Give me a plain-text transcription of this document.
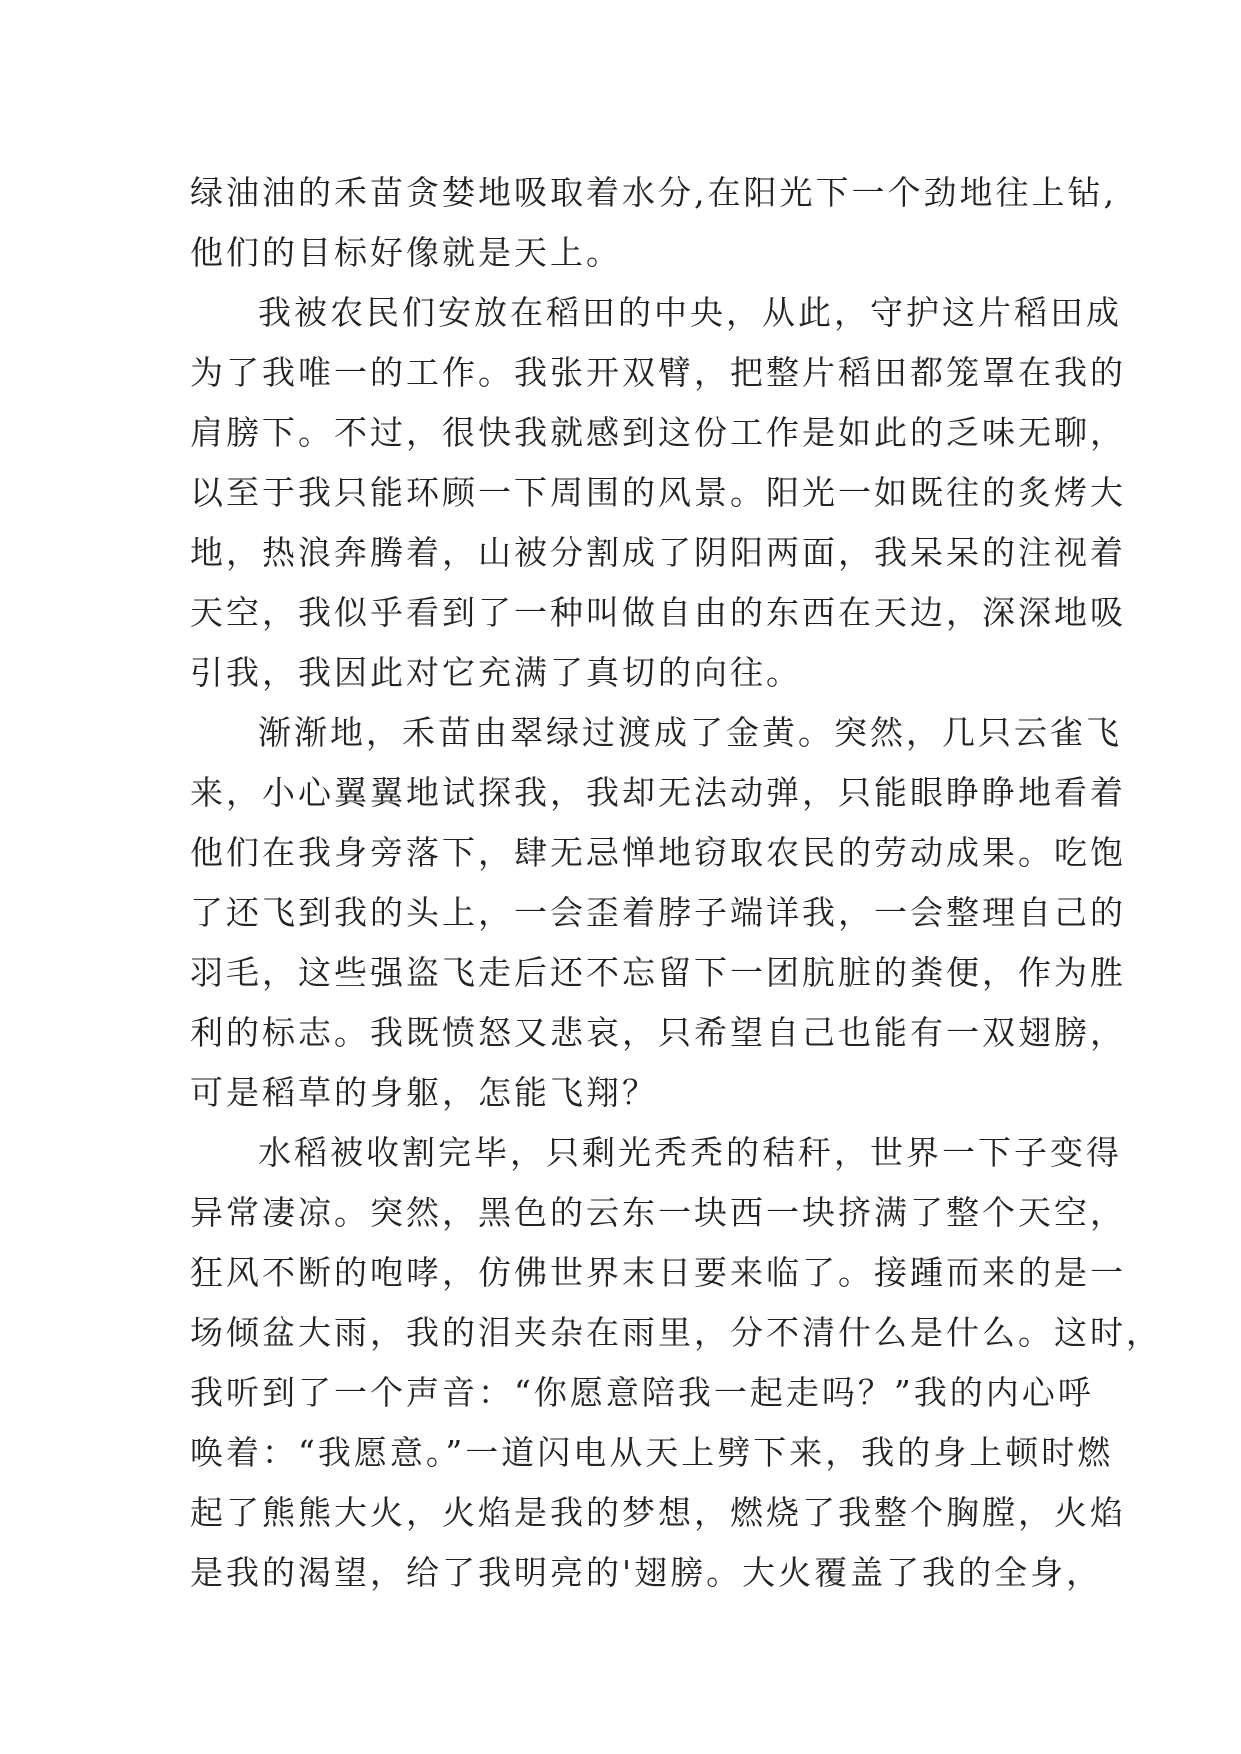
绿油油的禾苗贪婪地吸取着水分,在阳光下一个劲地往上钻,
他们的目标好像就是天上。
我被农民们安放在稻田的中央，从此，守护这片稻田成
为了我唯一的工作。我张开双臂，把整片稻田都笼罩在我的
肩膀下。不过，很快我就感到这份工作是如此的乏味无聊，
以至于我只能环顾一下周围的风景。阳光一如既往的炙烤大
地，热浪奔腾着，山被分割成了阴阳两面，我呆呆的注视着
天空，我似乎看到了一种叫做自由的东西在天边，深深地吸
引我，我因此对它充满了真切的向往。
渐渐地，禾苗由翠绿过渡成了金黄。突然，几只云雀飞
来，小心翼翼地试探我，我却无法动弹，只能眼睁睁地看着
他们在我身旁落下，肆无忌惮地窃取农民的劳动成果。吃饱
了还飞到我的头上，一会歪着脖子端详我，一会整理自己的
羽毛，这些强盗飞走后还不忘留下一团肮脏的粪便，作为胜
利的标志。我既愤怒又悲哀，只希望自己也能有一双翅膀，
可是稻草的身躯，怎能飞翔？
水稻被收割完毕，只剩光秃秃的秸秆，世界一下子变得
异常凄凉。突然，黑色的云东一块西一块挤满了整个天空，
狂风不断的咆哮，仿佛世界末日要来临了。接踵而来的是一
场倾盆大雨，我的泪夹杂在雨里，分不清什么是什么。这时，
我听到了一个声音：“你愿意陪我一起走吗？”我的内心呼
唤着：“我愿意。”一道闪电从天上劈下来，我的身上顿时燃
起了熊熊大火，火焰是我的梦想，燃烧了我整个胸膛，火焰
是我的渴望，给了我明亮的'翅膀。大火覆盖了我的全身，
